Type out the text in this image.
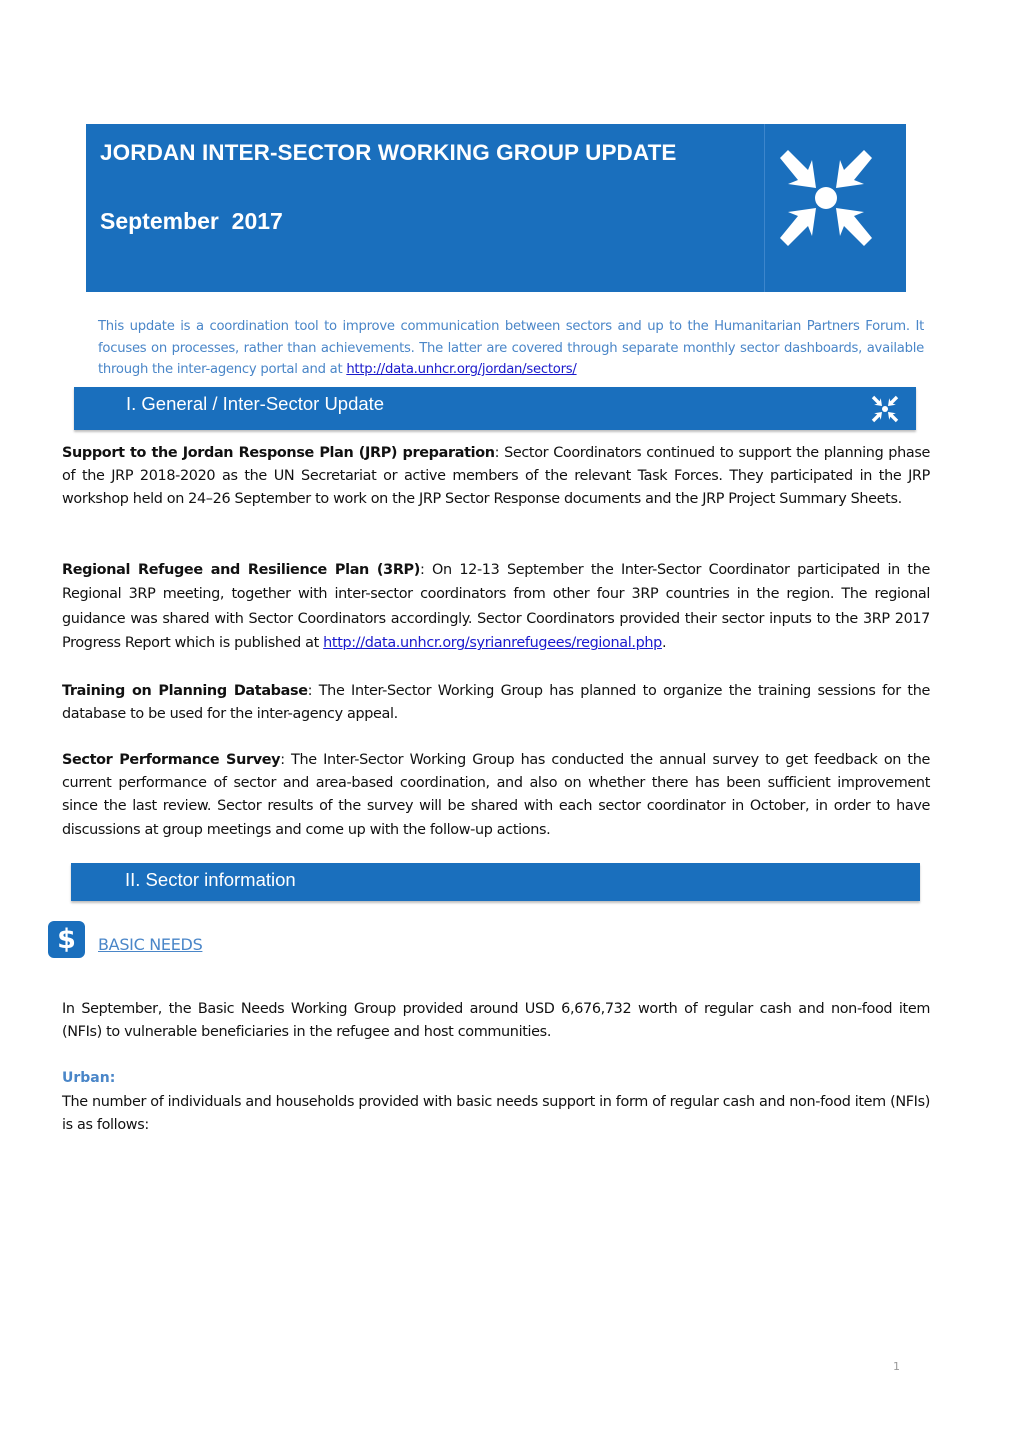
JORDAN INTER-SECTOR WORKING GROUP UPDATE
September  2017
This update is a coordination tool to improve communication between sectors and up to the Humanitarian Partners Forum. It focuses on processes, rather than achievements. The latter are covered through separate monthly sector dashboards, available through the inter-agency portal and at http://data.unhcr.org/jordan/sectors/
I. General / Inter-Sector Update
Support to the Jordan Response Plan (JRP) preparation: Sector Coordinators continued to support the planning phase of the JRP 2018-2020 as the UN Secretariat or active members of the relevant Task Forces. They participated in the JRP workshop held on 24–26 September to work on the JRP Sector Response documents and the JRP Project Summary Sheets.
Regional Refugee and Resilience Plan (3RP): On 12-13 September the Inter-Sector Coordinator participated in the Regional 3RP meeting, together with inter-sector coordinators from other four 3RP countries in the region. The regional guidance was shared with Sector Coordinators accordingly. Sector Coordinators provided their sector inputs to the 3RP 2017 Progress Report which is published at http://data.unhcr.org/syrianrefugees/regional.php.
Training on Planning Database: The Inter-Sector Working Group has planned to organize the training sessions for the database to be used for the inter-agency appeal.
Sector Performance Survey: The Inter-Sector Working Group has conducted the annual survey to get feedback on the current performance of sector and area-based coordination, and also on whether there has been sufficient improvement since the last review. Sector results of the survey will be shared with each sector coordinator in October, in order to have discussions at group meetings and come up with the follow-up actions.
II. Sector information
$	BASIC NEEDS
In September, the Basic Needs Working Group provided around USD 6,676,732 worth of regular cash and non-food item (NFIs) to vulnerable beneficiaries in the refugee and host communities.
Urban:
The number of individuals and households provided with basic needs support in form of regular cash and non-food item (NFIs) is as follows:
1
